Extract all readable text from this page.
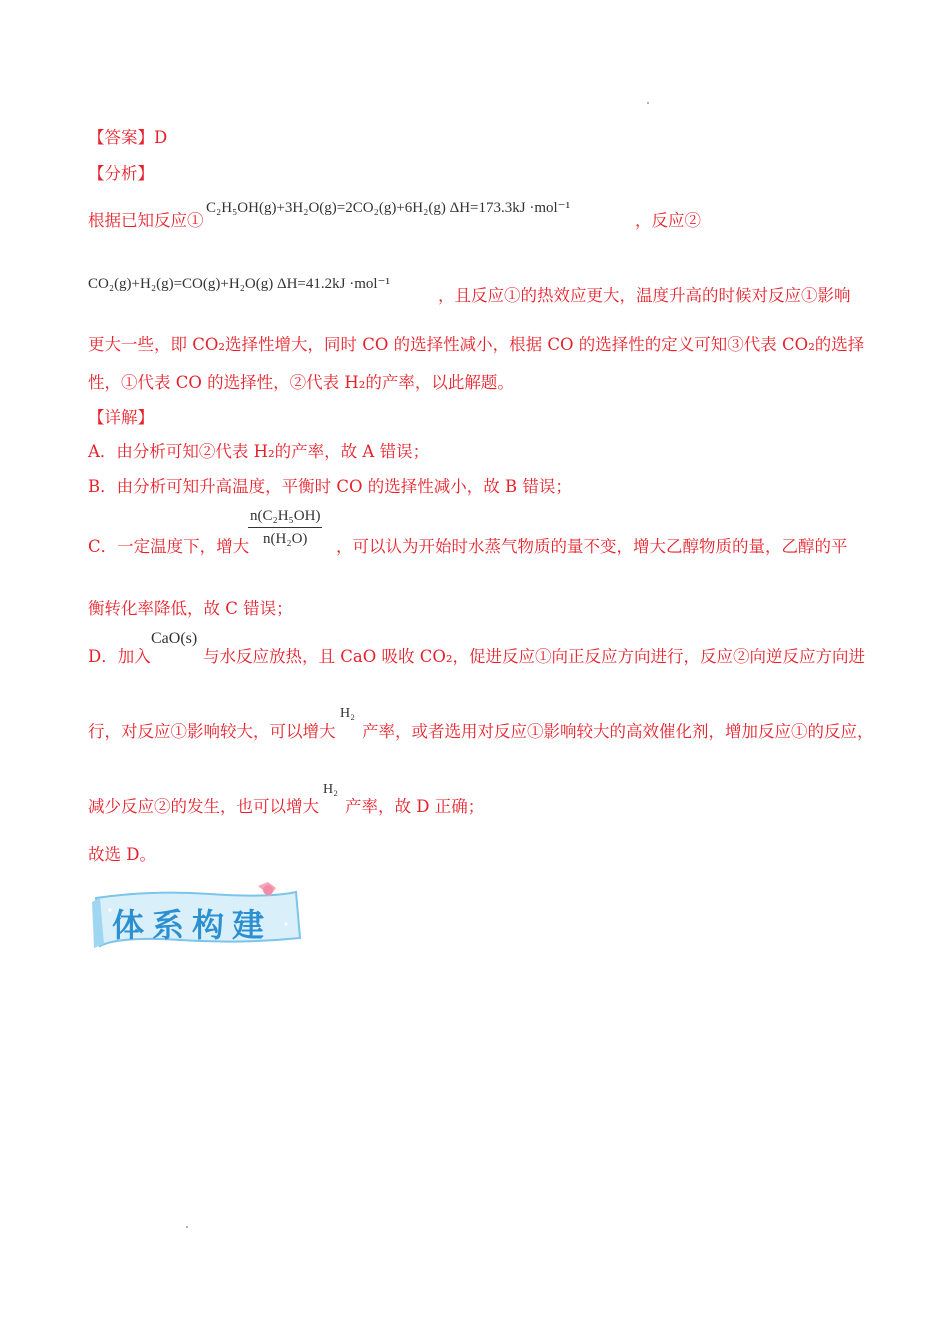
【答案】D
【分析】
根据已知反应①
C₂H₅OH(g)+3H₂O(g)=2CO₂(g)+6H₂(g) ΔH=173.3kJ ·mol⁻¹
，反应②
CO₂(g)+H₂(g)=CO(g)+H₂O(g) ΔH=41.2kJ ·mol⁻¹
，且反应①的热效应更大，温度升高的时候对反应①影响
更大一些，即 CO₂选择性增大，同时 CO 的选择性减小，根据 CO 的选择性的定义可知③代表 CO₂的选择
性，①代表 CO 的选择性，②代表 H₂的产率，以此解题。
【详解】
A．由分析可知②代表 H₂的产率，故 A 错误；
B．由分析可知升高温度，平衡时 CO 的选择性减小，故 B 错误；
C．一定温度下，增大
$\frac{\text{n(C₂H₅OH)}}{\text{n(H₂O)}}$ ，可以认为开始时水蒸气物质的量不变，增大乙醇物质的量，乙醇的平
衡转化率降低，故 C 错误；
D．加入
CaO(s)
与水反应放热，且 CaO 吸收 CO₂，促进反应①向正反应方向进行，反应②向逆反应方向进
行，对反应①影响较大，可以增大
H₂
产率，或者选用对反应①影响较大的高效催化剂，增加反应①的反应，
减少反应②的发生，也可以增大
H₂
产率，故 D 正确；
故选 D。
体系构建
